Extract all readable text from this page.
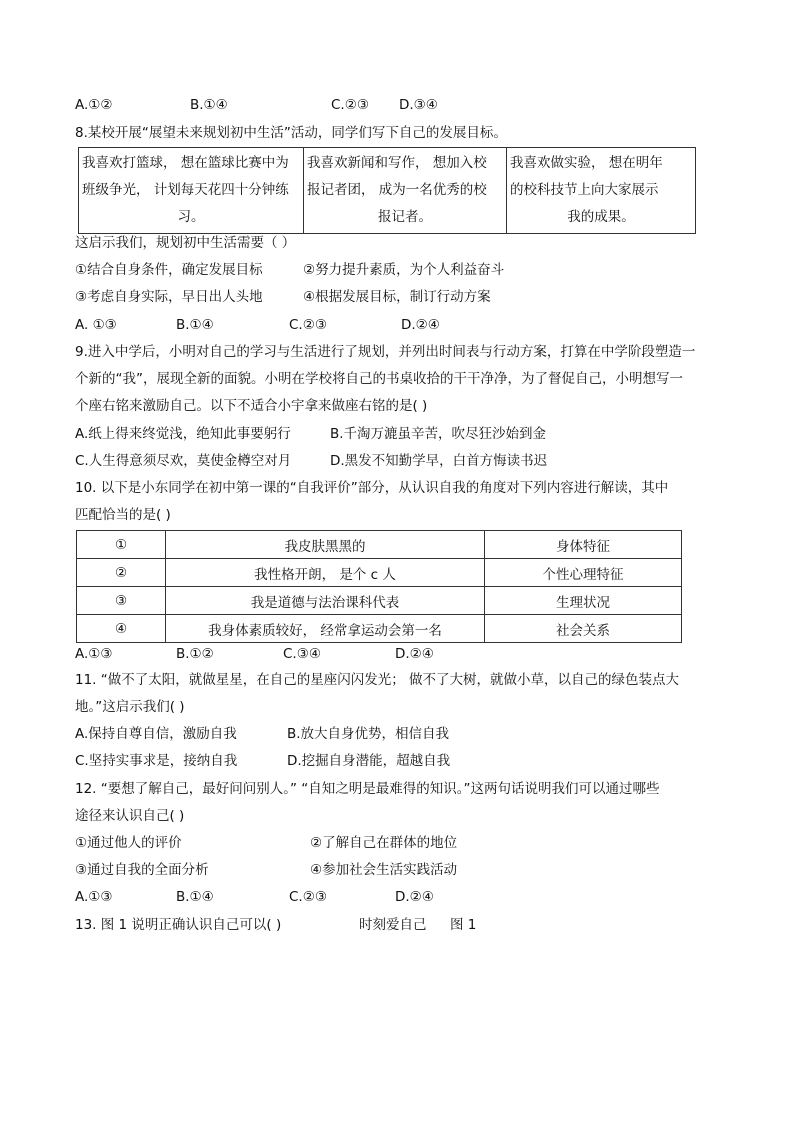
A.①②	B.①④	C.②③ D.③④
8.某校开展“展望未来规划初中生活”活动，同学们写下自己的发展目标。
我喜欢打篮球， 想在篮球比赛中为
班级争光， 计划每天花四十分钟练
习。

我喜欢新闻和写作， 想加入校
报记者团， 成为一名优秀的校
报记者。

我喜欢做实验， 想在明年
的校科技节上向大家展示
我的成果。
这启示我们，规划初中生活需要（ ）
①结合自身条件，确定发展目标	②努力提升素质，为个人利益奋斗
③考虑自身实际，早日出人头地	④根据发展目标，制订行动方案
A. ①③	B.①④	C.②③	D.②④
9.进入中学后，小明对自己的学习与生活进行了规划，并列出时间表与行动方案，打算在中学阶段塑造一
个新的“我”，展现全新的面貌。小明在学校将自己的书桌收拾的干干净净，为了督促自己，小明想写一
个座右铭来激励自己。以下不适合小宇拿来做座右铭的是( )
A.纸上得来终觉浅，绝知此事要躬行	B.千淘万漉虽辛苦，吹尽狂沙始到金
C.人生得意须尽欢，莫使金樽空对月	D.黑发不知勤学早，白首方悔读书迟
10. 以下是小东同学在初中第一课的“自我评价”部分，从认识自我的角度对下列内容进行解读，其中
匹配恰当的是( )
①	我皮肤黑黑的	身体特征
②	我性格开朗， 是个 c 人	个性心理特征
③	我是道德与法治课科代表	生理状况
④	我身体素质较好， 经常拿运动会第一名	社会关系
A.①③	B.①②	C.③④	D.②④
11. “做不了太阳，就做星星，在自己的星座闪闪发光； 做不了大树，就做小草，以自己的绿色装点大
地。”这启示我们( )
A.保持自尊自信，激励自我	B.放大自身优势，相信自我
C.坚持实事求是，接纳自我	D.挖掘自身潜能，超越自我
12. “要想了解自己，最好问问别人。” “自知之明是最难得的知识。”这两句话说明我们可以通过哪些
途径来认识自己( )
①通过他人的评价	②了解自己在群体的地位
③通过自我的全面分析	④参加社会生活实践活动
A.①③	B.①④	C.②③	D.②④
13. 图 1 说明正确认识自己可以( )	时刻爱自己 图 1
